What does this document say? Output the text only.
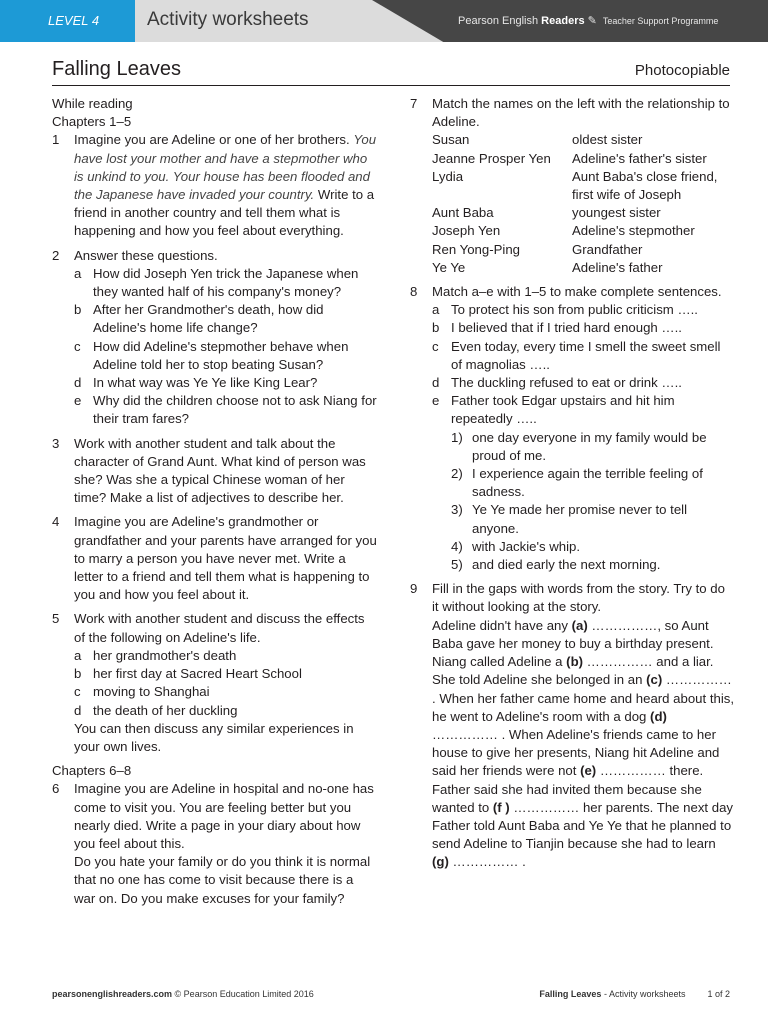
LEVEL 4	Activity worksheets	Pearson English Readers ✎ Teacher Support Programme
Falling Leaves	Photocopiable
While reading
Chapters 1–5
1	Imagine you are Adeline or one of her brothers. You have lost your mother and have a stepmother who is unkind to you. Your house has been flooded and the Japanese have invaded your country. Write to a friend in another country and tell them what is happening and how you feel about everything.
2	Answer these questions.
a How did Joseph Yen trick the Japanese when they wanted half of his company's money?
b After her Grandmother's death, how did Adeline's home life change?
c How did Adeline's stepmother behave when Adeline told her to stop beating Susan?
d In what way was Ye Ye like King Lear?
e Why did the children choose not to ask Niang for their tram fares?
3	Work with another student and talk about the character of Grand Aunt. What kind of person was she? Was she a typical Chinese woman of her time? Make a list of adjectives to describe her.
4	Imagine you are Adeline's grandmother or grandfather and your parents have arranged for you to marry a person you have never met. Write a letter to a friend and tell them what is happening to you and how you feel about it.
5	Work with another student and discuss the effects of the following on Adeline's life.
a her grandmother's death
b her first day at Sacred Heart School
c moving to Shanghai
d the death of her duckling
You can then discuss any similar experiences in your own lives.
Chapters 6–8
6	Imagine you are Adeline in hospital and no-one has come to visit you. You are feeling better but you nearly died. Write a page in your diary about how you feel about this.
Do you hate your family or do you think it is normal that no one has come to visit because there is a war on. Do you make excuses for your family?
7	Match the names on the left with the relationship to Adeline.
Susan	oldest sister
Jeanne Prosper Yen	Adeline's father's sister
Lydia	Aunt Baba's close friend,
first wife of Joseph
Aunt Baba	youngest sister
Joseph Yen	Adeline's stepmother
Ren Yong-Ping	Grandfather
Ye Ye	Adeline's father
8	Match a–e with 1–5 to make complete sentences.
a To protect his son from public criticism …..
b I believed that if I tried hard enough …..
c Even today, every time I smell the sweet smell of magnolias …..
d The duckling refused to eat or drink …..
e Father took Edgar upstairs and hit him repeatedly …..
1) one day everyone in my family would be proud of me.
2) I experience again the terrible feeling of sadness.
3) Ye Ye made her promise never to tell anyone.
4) with Jackie's whip.
5) and died early the next morning.
9	Fill in the gaps with words from the story. Try to do it without looking at the story.
Adeline didn't have any (a) ……………, so Aunt Baba gave her money to buy a birthday present. Niang called Adeline a (b) …………… and a liar. She told Adeline she belonged in an (c) …………… . When her father came home and heard about this, he went to Adeline's room with a dog (d) …………… . When Adeline's friends came to her house to give her presents, Niang hit Adeline and said her friends were not (e) …………… there. Father said she had invited them because she wanted to (f ) …………… her parents. The next day Father told Aunt Baba and Ye Ye that he planned to send Adeline to Tianjin because she had to learn (g) …………… .
pearsonenglishreaders.com © Pearson Education Limited 2016	Falling Leaves - Activity worksheets 1 of 2
